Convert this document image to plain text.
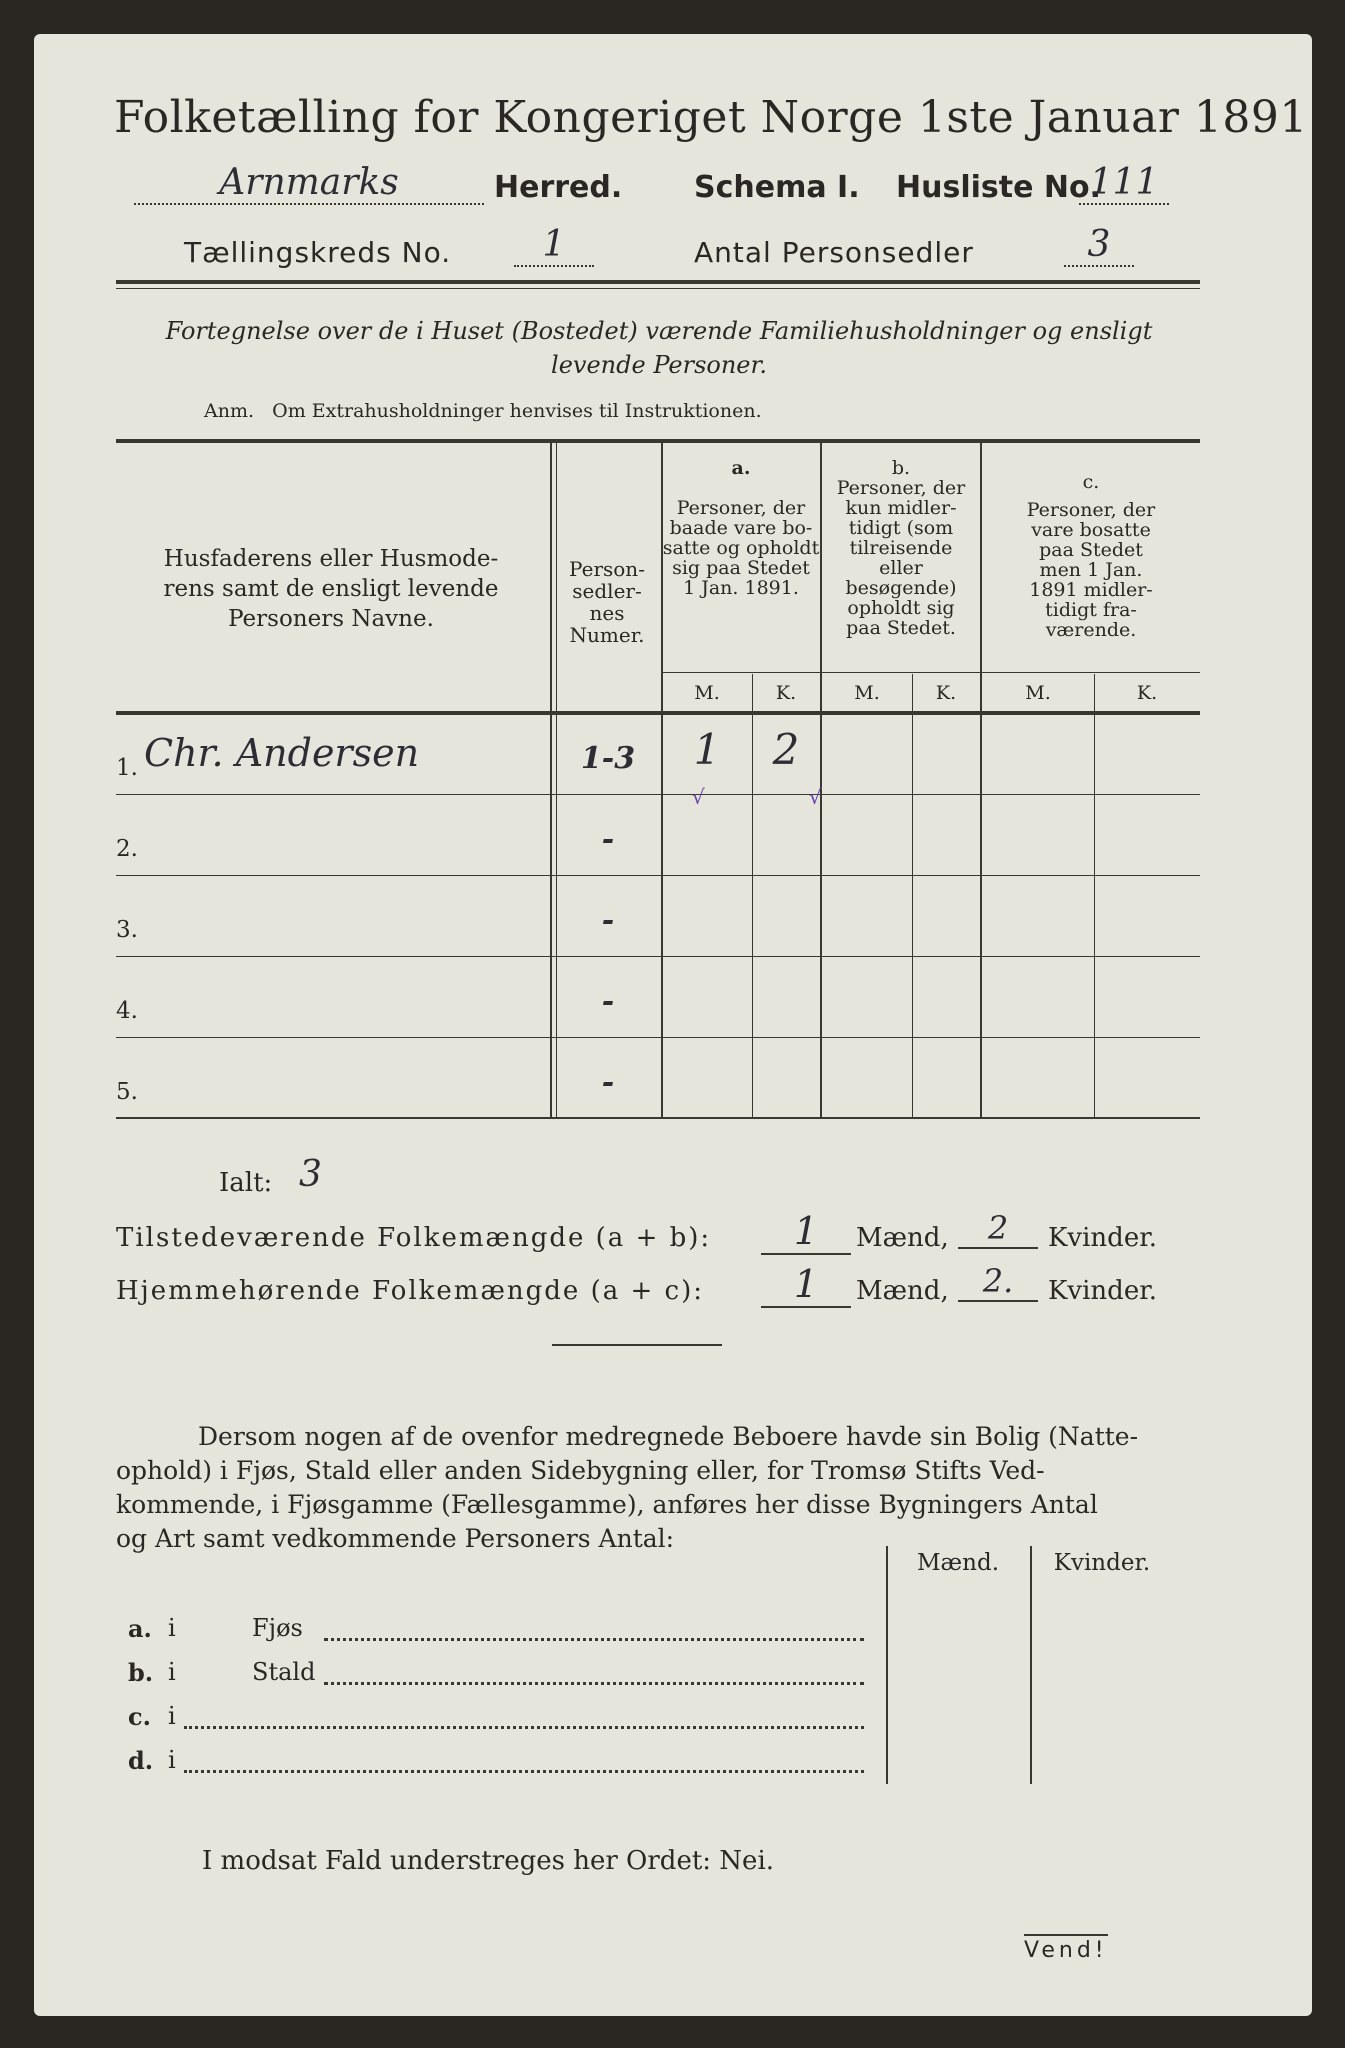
Folketælling for Kongeriget Norge 1ste Januar 1891.
Arnmarks	Herred. Schema I. Husliste No.
111
Tællingskreds No.	1	Antal Personsedler	3
Fortegnelse over de i Huset (Bostedet) værende Familiehusholdninger og ensligt
levende Personer.
Anm.   Om Extrahusholdninger henvises til Instruktionen.
Husfaderens eller Husmode-
rens samt de ensligt levende
Personers Navne.
Person-
sedler-
nes
Numer.
a.
Personer, der
baade vare bo-
satte og opholdt
sig paa Stedet
1 Jan. 1891.
b.
Personer, der
kun midler-
tidigt (som
tilreisende
eller
besøgende)
opholdt sig
paa Stedet.
c.
Personer, der
vare bosatte
paa Stedet
men 1 Jan.
1891 midler-
tidigt fra-
værende.
M.	K.	M.	K.	M.	K.
Ialt: 3
Tilstedeværende Folkemængde (a + b):	1	Mænd,	2	Kvinder.
Hjemmehørende Folkemængde (a + c):	1	Mænd,	2.	Kvinder.
Dersom nogen af de ovenfor medregnede Beboere havde sin Bolig (Natte-
ophold) i Fjøs, Stald eller anden Sidebygning eller, for Tromsø Stifts Ved-
kommende, i Fjøsgamme (Fællesgamme), anføres her disse Bygningers Antal
og Art samt vedkommende Personers Antal:
Mænd.	Kvinder.
I modsat Fald understreges her Ordet: Nei.
Vend!
1. Chr. Andersen	1-3	1	2
√	√
2.	-
3.	-
4.	-
5.	-
a. i	Fjøs
b. i	Stald
c. i
d. i
